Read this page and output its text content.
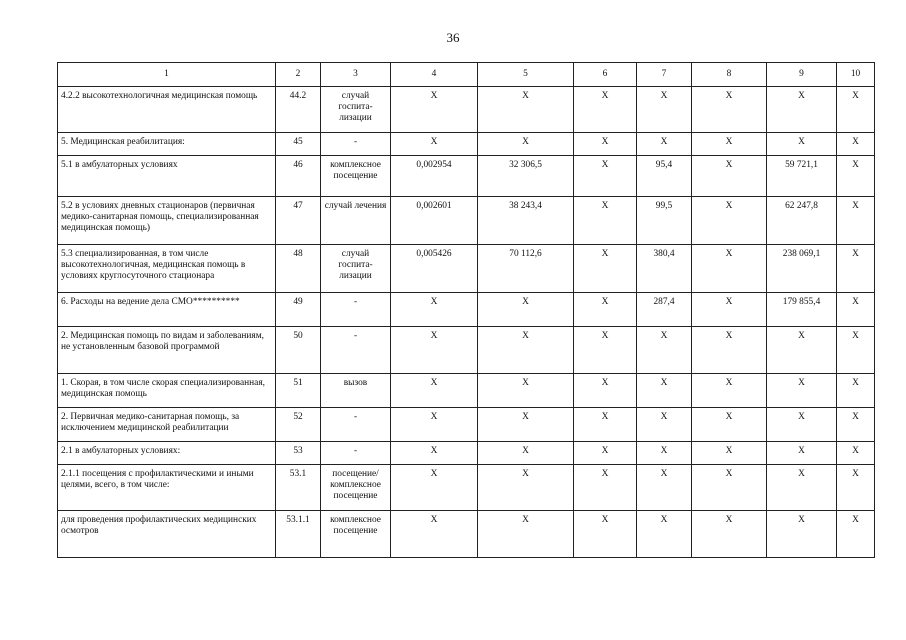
36
1	2	3	4	5	6	7	8	9	10
4.2.2 высокотехнологичная медицинская помощь	44.2	случай госпита-лизации	X	X	X	X	X	X	X
5. Медицинская реабилитация:	45	-	X	X	X	X	X	X	X
5.1 в амбулаторных условиях	46	комплексное посещение	0,002954	32 306,5	X	95,4	X	59 721,1	X
5.2 в условиях дневных стационаров (первичная медико-санитарная помощь, специализированная медицинская помощь)	47	случай лечения	0,002601	38 243,4	X	99,5	X	62 247,8	X
5.3 специализированная, в том числе высокотехнологичная, медицинская помощь в условиях круглосуточного стационара	48	случай госпита-лизации	0,005426	70 112,6	X	380,4	X	238 069,1	X
6. Расходы на ведение дела СМО**********	49	-	X	X	X	287,4	X	179 855,4	X
2. Медицинская помощь по видам и заболеваниям, не установленным базовой программой	50	-	X	X	X	X	X	X	X
1. Скорая, в том числе скорая специализированная, медицинская помощь	51	вызов	X	X	X	X	X	X	X
2. Первичная медико-санитарная помощь, за исключением медицинской реабилитации	52	-	X	X	X	X	X	X	X
2.1 в амбулаторных условиях:	53	-	X	X	X	X	X	X	X
2.1.1 посещения с профилактическими и иными целями, всего, в том числе:	53.1	посещение/ комплексное посещение	X	X	X	X	X	X	X
для проведения профилактических медицинских осмотров	53.1.1	комплексное посещение	X	X	X	X	X	X	X
